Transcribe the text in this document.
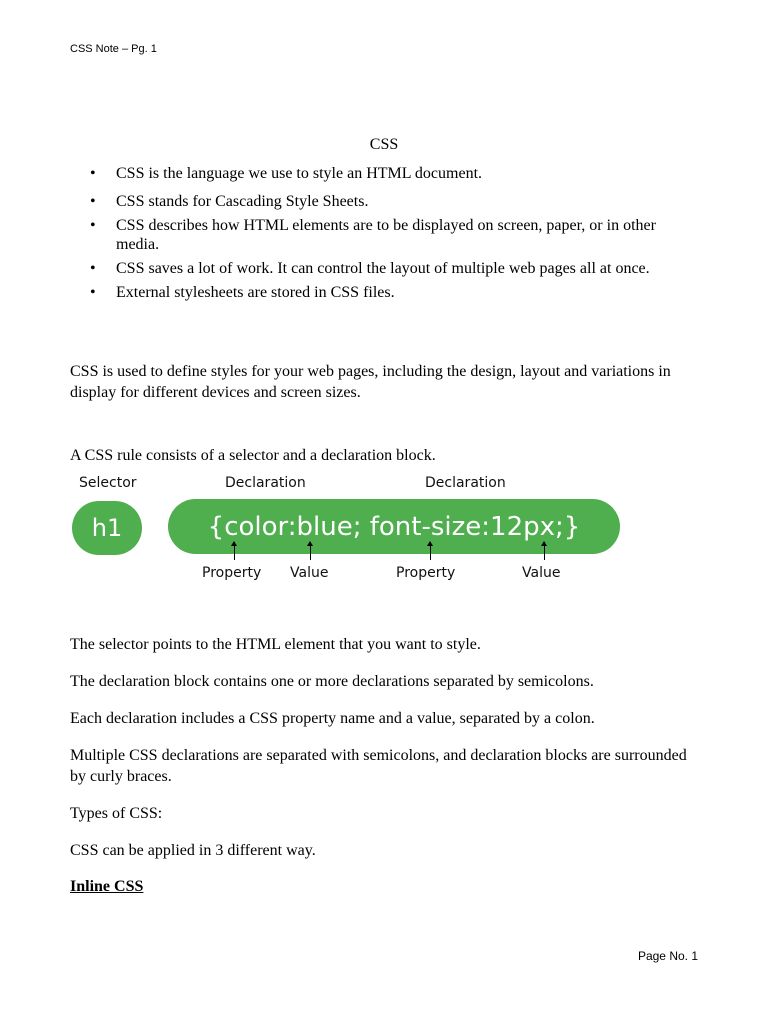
CSS Note – Pg. 1
CSS
• CSS is the language we use to style an HTML document.
• CSS stands for Cascading Style Sheets.
• CSS describes how HTML elements are to be displayed on screen, paper, or in other media.
• CSS saves a lot of work. It can control the layout of multiple web pages all at once.
• External stylesheets are stored in CSS files.

CSS is used to define styles for your web pages, including the design, layout and variations in display for different devices and screen sizes.

A CSS rule consists of a selector and a declaration block.

Selector	Declaration	Declaration
h1	{color:blue; font-size:12px;}
Property Value	Property	Value

The selector points to the HTML element that you want to style.

The declaration block contains one or more declarations separated by semicolons.

Each declaration includes a CSS property name and a value, separated by a colon.

Multiple CSS declarations are separated with semicolons, and declaration blocks are surrounded by curly braces.

Types of CSS:

CSS can be applied in 3 different way.

Inline CSS
Page No. 1
